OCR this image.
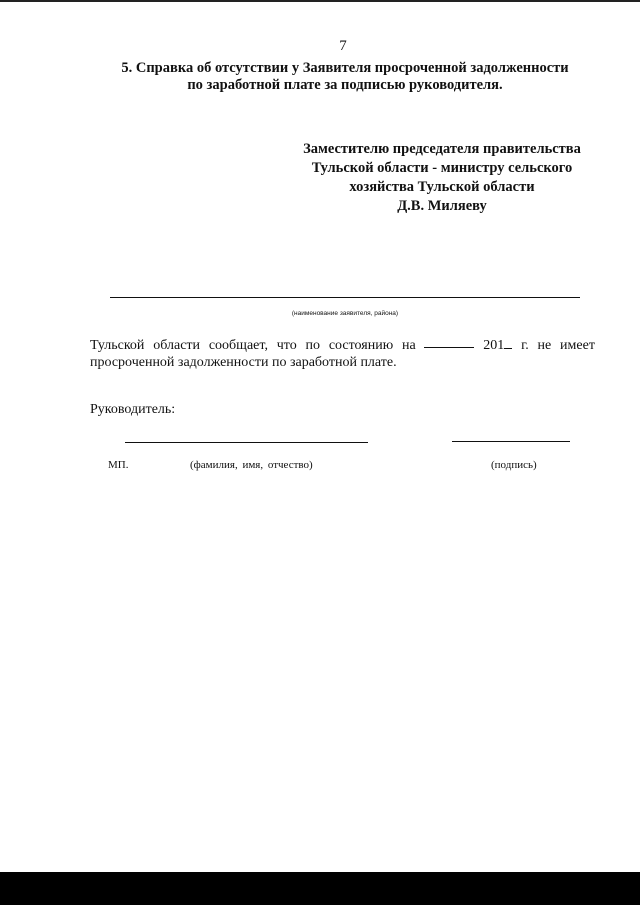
7
5. Справка об отсутствии у Заявителя просроченной задолженности
по заработной плате за подписью руководителя.
Заместителю председателя правительства
Тульской области - министру сельского
хозяйства Тульской области
Д.В. Миляеву
(наименование заявителя, района)
Тульской области сообщает, что по состоянию на	201	г. не имеет
просроченной задолженности по заработной плате.
Руководитель:
МП.	(фамилия, имя, отчество)	(подпись)
